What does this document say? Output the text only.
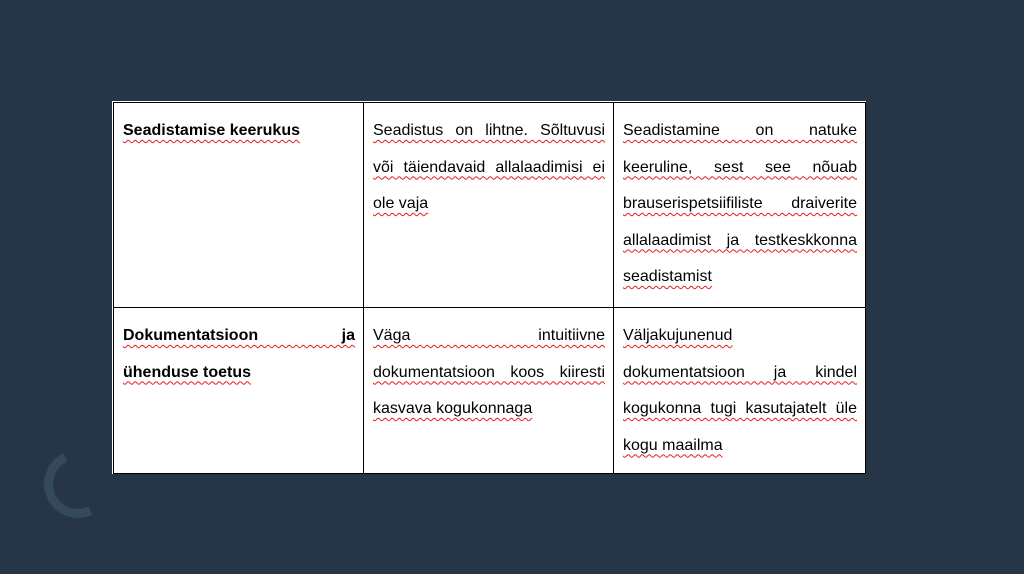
Seadistamise keerukus	Seadistus on lihtne. Sõltuvusi või täiendavaid allalaadimisi ei ole vaja	Seadistamine on natuke keeruline, sest see nõuab brauserispetsiifiliste draiverite allalaadimist ja testkeskkonna seadistamist
Dokumentatsioon ja ühenduse toetus	Väga intuitiivne dokumentatsioon koos kiiresti kasvava kogukonnaga	Väljakujunenud dokumentatsioon ja kindel kogukonna tugi kasutajatelt üle kogu maailma
